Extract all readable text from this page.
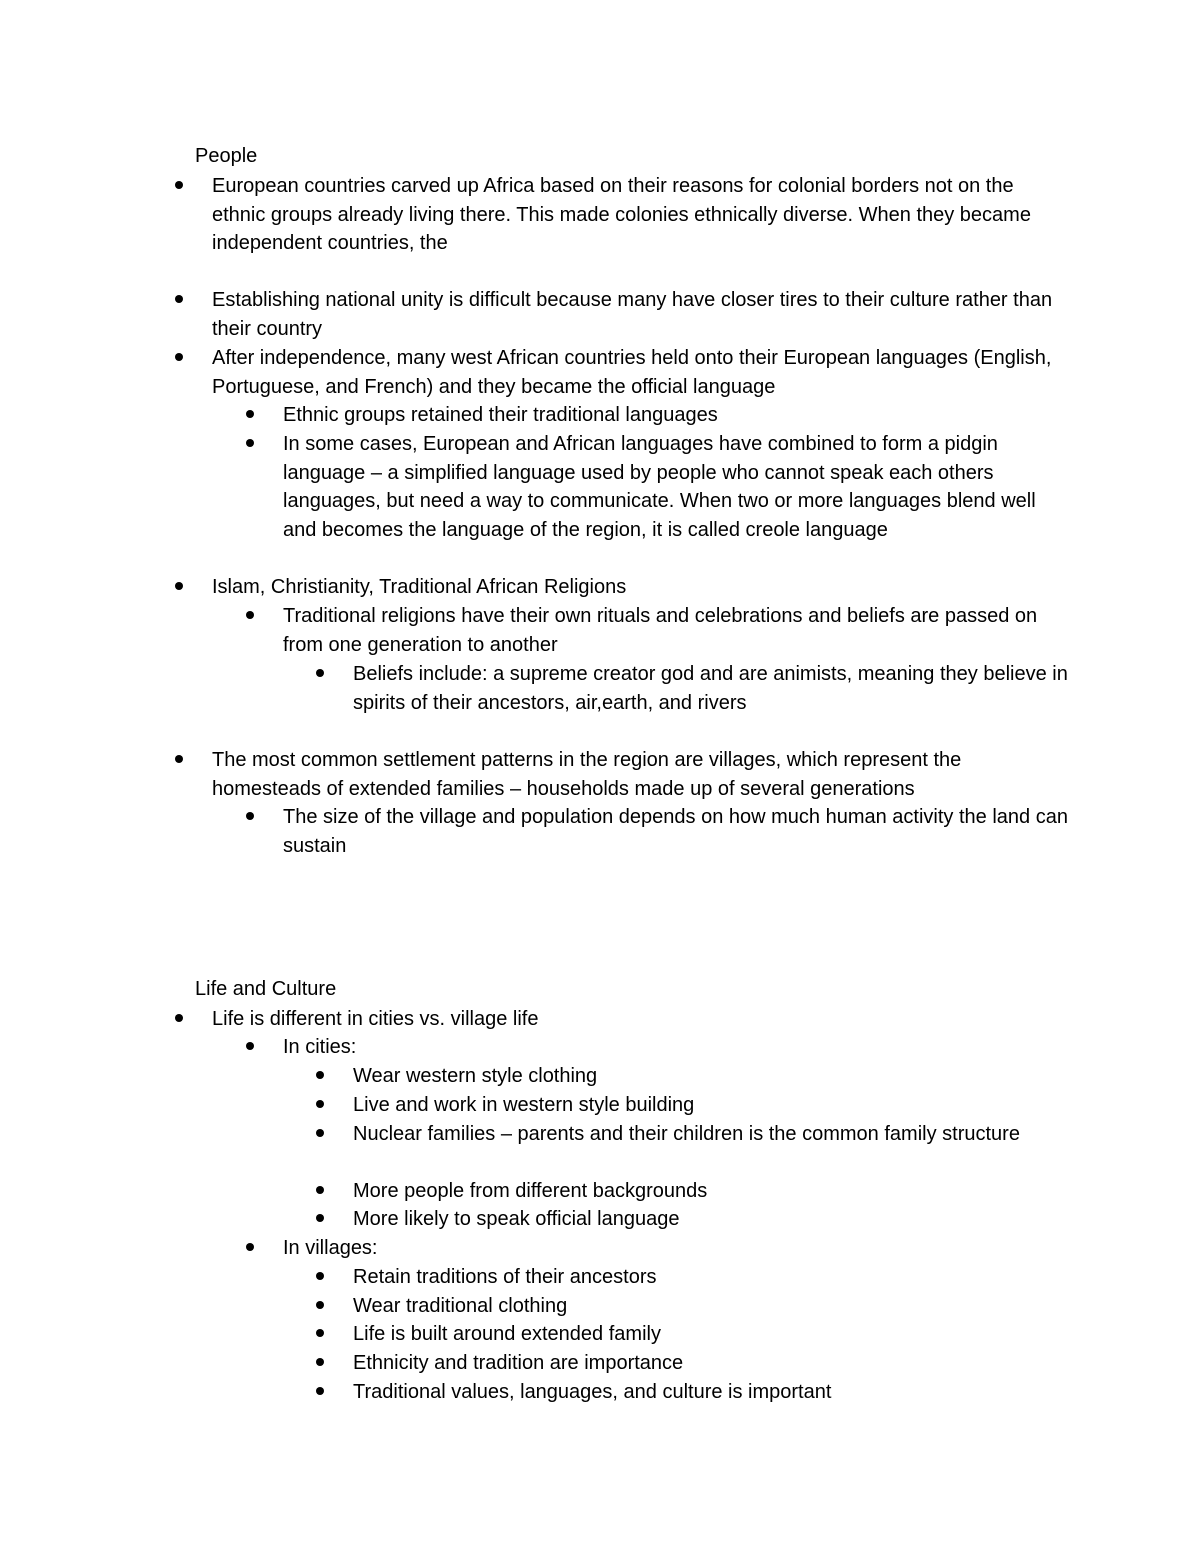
People
European countries carved up Africa based on their reasons for colonial borders not on the ethnic groups already living there. This made colonies ethnically diverse. When they became independent countries, the
Establishing national unity is difficult because many have closer tires to their culture rather than their country
After independence, many west African countries held onto their European languages (English, Portuguese, and French) and they became the official language
Ethnic groups retained their traditional languages
In some cases, European and African languages have combined to form a pidgin language – a simplified language used by people who cannot speak each others languages, but need a way to communicate. When two or more languages blend well and becomes the language of the region, it is called creole language
Islam, Christianity, Traditional African Religions
Traditional religions have their own rituals and celebrations and beliefs are passed on from one generation to another
Beliefs include: a supreme creator god and are animists, meaning they believe in spirits of their ancestors, air,earth, and rivers
The most common settlement patterns in the region are villages, which represent the homesteads of extended families – households made up of several generations
The size of the village and population depends on how much human activity the land can sustain
Life and Culture
Life is different in cities vs. village life
In cities:
Wear western style clothing
Live and work in western style building
Nuclear families – parents and their children is the common family structure
More people from different backgrounds
More likely to speak official language
In villages:
Retain traditions of their ancestors
Wear traditional clothing
Life is built around extended family
Ethnicity and tradition are importance
Traditional values, languages, and culture is important
